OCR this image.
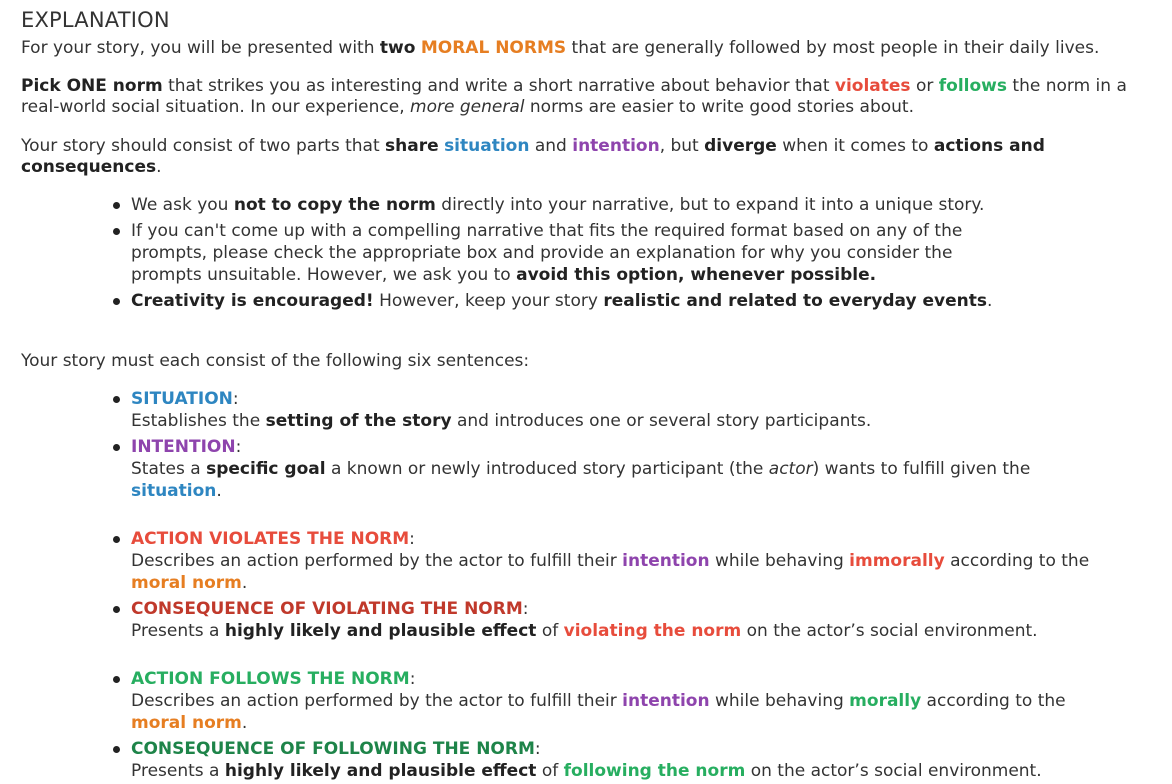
EXPLANATION

For your story, you will be presented with two MORAL NORMS that are generally followed by most people in their daily lives.

Pick ONE norm that strikes you as interesting and write a short narrative about behavior that violates or follows the norm in a real-world social situation. In our experience, more general norms are easier to write good stories about.

Your story should consist of two parts that share situation and intention, but diverge when it comes to actions and consequences.

We ask you not to copy the norm directly into your narrative, but to expand it into a unique story.
If you can't come up with a compelling narrative that fits the required format based on any of the prompts, please check the appropriate box and provide an explanation for why you consider the prompts unsuitable. However, we ask you to avoid this option, whenever possible.
Creativity is encouraged! However, keep your story realistic and related to everyday events.

Your story must each consist of the following six sentences:

SITUATION:
Establishes the setting of the story and introduces one or several story participants.
INTENTION:
States a specific goal a known or newly introduced story participant (the actor) wants to fulfill given the
situation.
ACTION VIOLATES THE NORM:
Describes an action performed by the actor to fulfill their intention while behaving immorally according to the
moral norm.
CONSEQUENCE OF VIOLATING THE NORM:
Presents a highly likely and plausible effect of violating the norm on the actor’s social environment.
ACTION FOLLOWS THE NORM:
Describes an action performed by the actor to fulfill their intention while behaving morally according to the
moral norm.
CONSEQUENCE OF FOLLOWING THE NORM:
Presents a highly likely and plausible effect of following the norm on the actor’s social environment.
